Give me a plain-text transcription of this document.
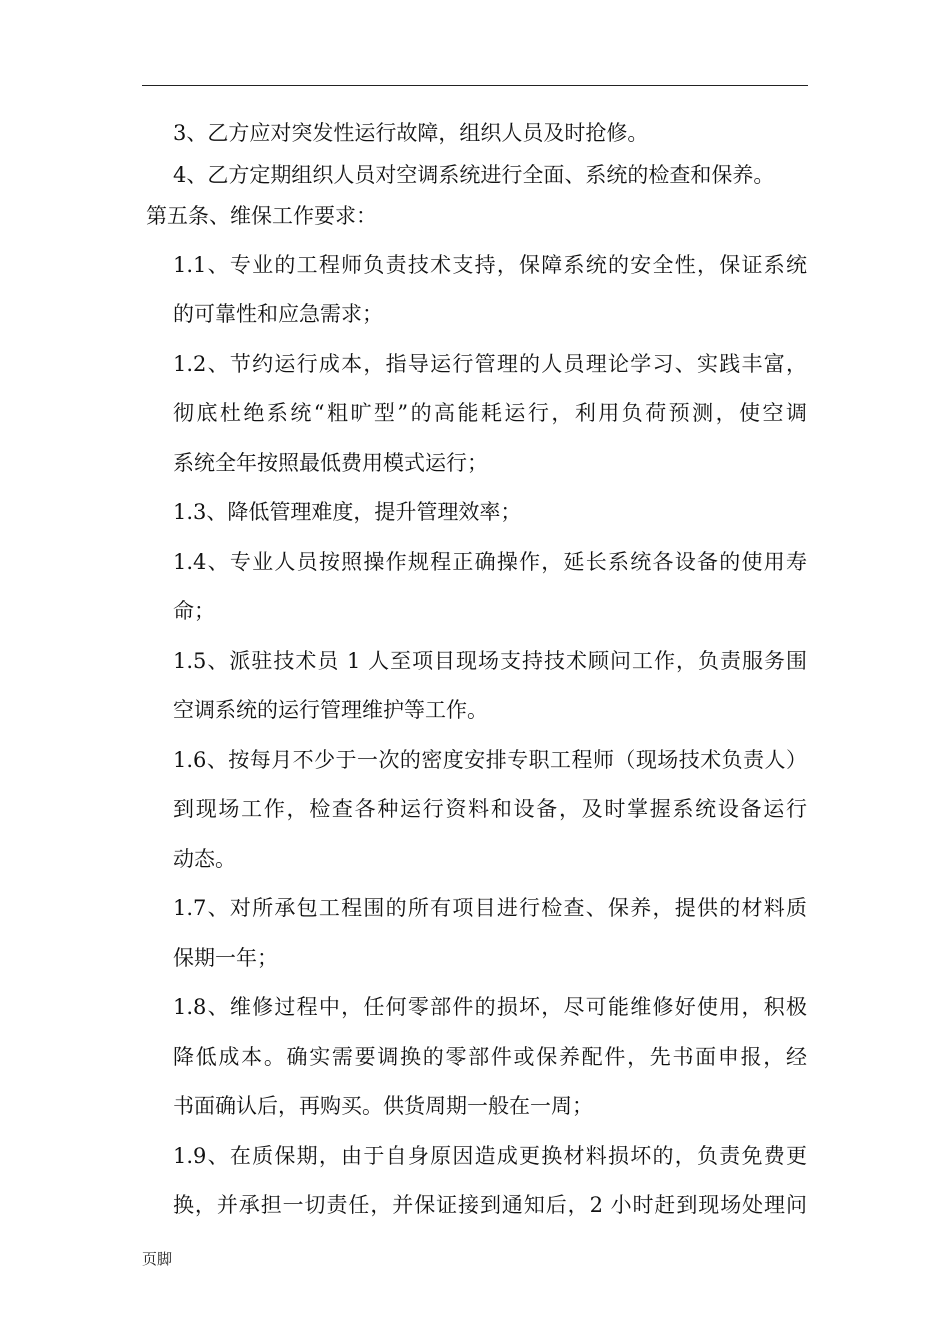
3、乙方应对突发性运行故障，组织人员及时抢修。
4、乙方定期组织人员对空调系统进行全面、系统的检查和保养。
第五条、维保工作要求：
1.1、专业的工程师负责技术支持，保障系统的安全性，保证系统
的可靠性和应急需求；
1.2、节约运行成本，指导运行管理的人员理论学习、实践丰富，
彻底杜绝系统“粗旷型”的高能耗运行，利用负荷预测，使空调
系统全年按照最低费用模式运行；
1.3、降低管理难度，提升管理效率；
1.4、专业人员按照操作规程正确操作，延长系统各设备的使用寿
命；
1.5、派驻技术员 1 人至项目现场支持技术顾问工作，负责服务围
空调系统的运行管理维护等工作。
1.6、按每月不少于一次的密度安排专职工程师（现场技术负责人）
到现场工作，检查各种运行资料和设备，及时掌握系统设备运行
动态。
1.7、对所承包工程围的所有项目进行检查、保养，提供的材料质
保期一年；
1.8、维修过程中，任何零部件的损坏，尽可能维修好使用，积极
降低成本。确实需要调换的零部件或保养配件，先书面申报，经
书面确认后，再购买。供货周期一般在一周；
1.9、在质保期，由于自身原因造成更换材料损坏的，负责免费更
换，并承担一切责任，并保证接到通知后，2 小时赶到现场处理问
页脚
